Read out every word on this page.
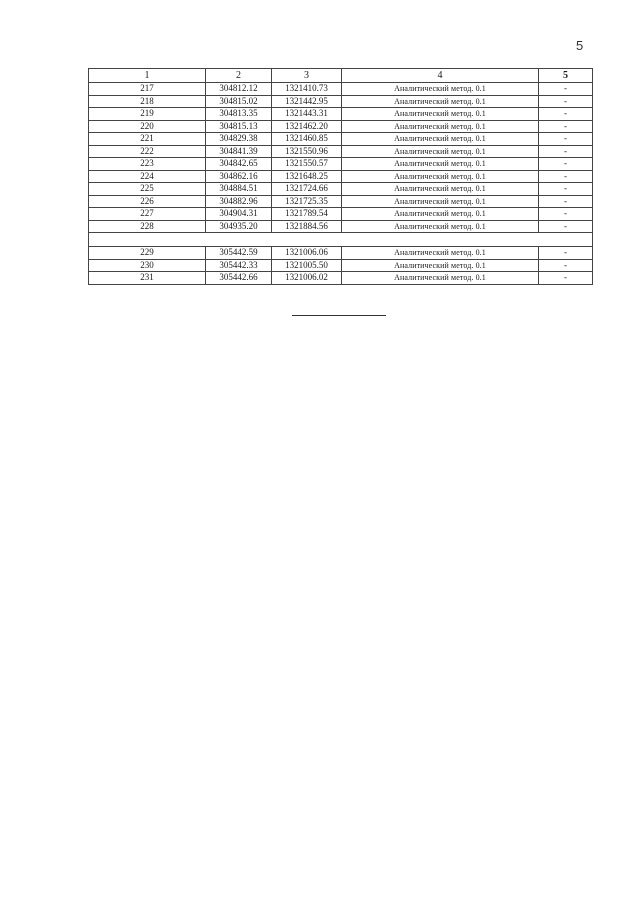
5
1	2	3	4	5
217	304812.12	1321410.73	Аналитический метод. 0.1	-
218	304815.02	1321442.95	Аналитический метод. 0.1	-
219	304813.35	1321443.31	Аналитический метод. 0.1	-
220	304815.13	1321462.20	Аналитический метод. 0.1	-
221	304829.38	1321460.85	Аналитический метод. 0.1	-
222	304841.39	1321550.96	Аналитический метод. 0.1	-
223	304842.65	1321550.57	Аналитический метод. 0.1	-
224	304862.16	1321648.25	Аналитический метод. 0.1	-
225	304884.51	1321724.66	Аналитический метод. 0.1	-
226	304882.96	1321725.35	Аналитический метод. 0.1	-
227	304904.31	1321789.54	Аналитический метод. 0.1	-
228	304935.20	1321884.56	Аналитический метод. 0.1	-

229	305442.59	1321006.06	Аналитический метод. 0.1	-
230	305442.33	1321005.50	Аналитический метод. 0.1	-
231	305442.66	1321006.02	Аналитический метод. 0.1	-
